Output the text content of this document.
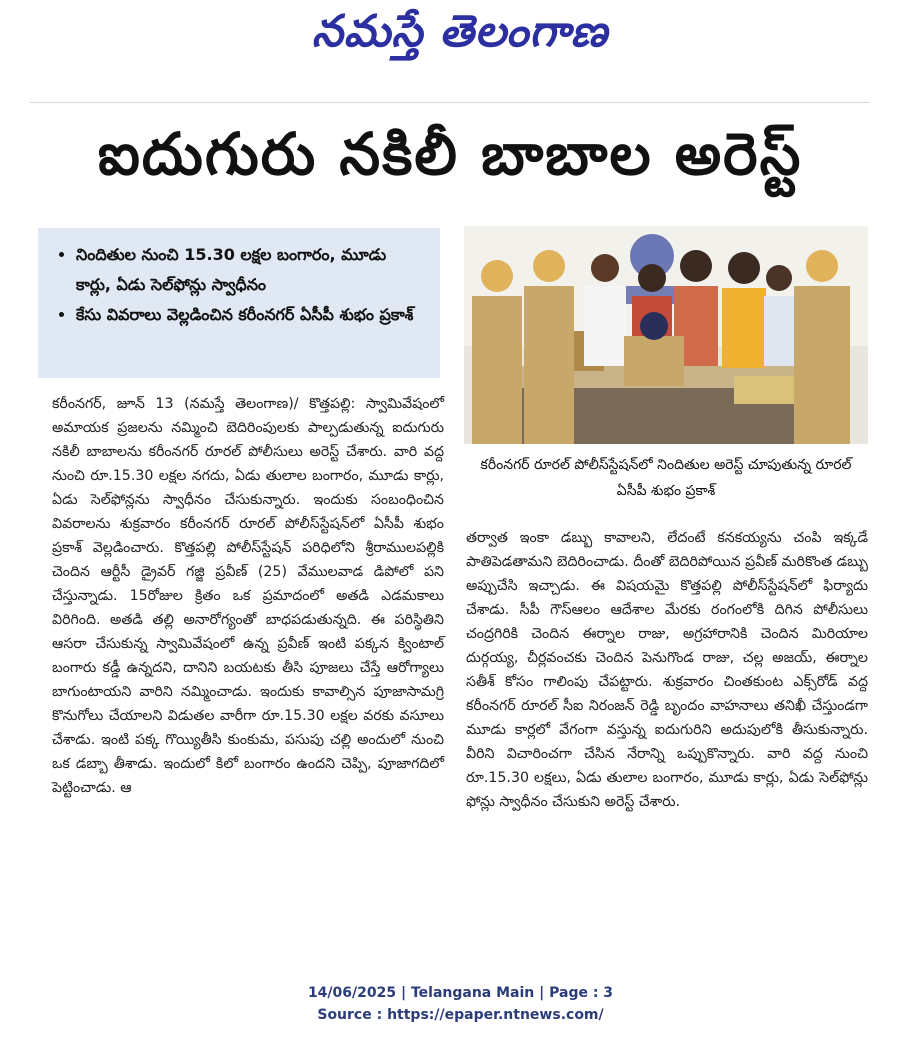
నమస్తే తెలంగాణ
ఐదుగురు నకిలీ బాబాల అరెస్ట్
• నిందితుల నుంచి 15.30 లక్షల బంగారం, మూడు కార్లు, ఏడు సెల్‌ఫోన్లు స్వాధీనం
• కేసు వివరాలు వెల్లడించిన కరీంనగర్ ఏసీపీ శుభం ప్రకాశ్
కరీంనగర్ రూరల్ పోలీస్‌స్టేషన్‌లో నిందితుల అరెస్ట్ చూపుతున్న రూరల్ ఏసీపీ శుభం ప్రకాశ్

కరీంనగర్, జూన్ 13 (నమస్తే తెలంగాణ)/ కొత్తపల్లి: స్వామివేషంలో అమాయక ప్రజలను నమ్మించి బెదిరింపులకు పాల్పడుతున్న ఐదుగురు నకిలీ బాబాలను కరీంనగర్ రూరల్ పోలీసులు అరెస్ట్ చేశారు. వారి వద్ద నుంచి రూ.15.30 లక్షల నగదు, ఏడు తులాల బంగారం, మూడు కార్లు, ఏడు సెల్‌ఫోన్లను స్వాధీనం చేసుకున్నారు. ఇందుకు సంబంధించిన వివరాలను శుక్రవారం కరీంనగర్ రూరల్ పోలీస్‌స్టేషన్‌లో ఏసీపీ శుభం ప్రకాశ్ వెల్లడించారు. కొత్తపల్లి పోలీస్‌స్టేషన్ పరిధిలోని శ్రీరాములపల్లికి చెందిన ఆర్టీసీ డ్రైవర్ గజ్జి ప్రవీణ్ (25) వేములవాడ డిపోలో పని చేస్తున్నాడు. 15రోజుల క్రితం ఒక ప్రమాదంలో అతడి ఎడమకాలు విరిగింది. అతడి తల్లి అనారోగ్యంతో బాధపడుతున్నది. ఈ పరిస్థితిని ఆసరా చేసుకున్న స్వామివేషంలో ఉన్న ప్రవీణ్ ఇంటి పక్కన క్వింటాల్ బంగారు కడ్డీ ఉన్నదని, దానిని బయటకు తీసి పూజలు చేస్తే ఆరోగ్యాలు బాగుంటాయని వారిని నమ్మించాడు. ఇందుకు కావాల్సిన పూజాసామగ్రి కొనుగోలు చేయాలని విడుతల వారీగా రూ.15.30 లక్షల వరకు వసూలు చేశాడు. ఇంటి పక్క గొయ్యితీసి కుంకుమ, పసుపు చల్లి అందులో నుంచి ఒక డబ్బా తీశాడు. ఇందులో కిలో బంగారం ఉందని చెప్పి, పూజాగదిలో పెట్టించాడు. ఆ

తర్వాత ఇంకా డబ్బు కావాలని, లేదంటే కనకయ్యను చంపి ఇక్కడే పాతిపెడతామని బెదిరించాడు. దీంతో బెదిరిపోయిన ప్రవీణ్ మరికొంత డబ్బు అప్పుచేసి ఇచ్చాడు. ఈ విషయమై కొత్తపల్లి పోలీస్‌స్టేషన్‌లో ఫిర్యాదు చేశాడు. సీపీ గౌస్‌ఆలం ఆదేశాల మేరకు రంగంలోకి దిగిన పోలీసులు చంద్రగిరికి చెందిన ఈర్నాల రాజు, అగ్రహారానికి చెందిన మిరియాల దుర్గయ్య, చీర్లవంచకు చెందిన పెనుగొండ రాజు, చల్ల అజయ్, ఈర్నాల సతీశ్ కోసం గాలింపు చేపట్టారు. శుక్రవారం చింతకుంట ఎక్స్‌రోడ్ వద్ద కరీంనగర్ రూరల్ సీఐ నిరంజన్ రెడ్డి బృందం వాహనాలు తనిఖీ చేస్తుండగా మూడు కార్లలో వేగంగా వస్తున్న ఐదుగురిని అదుపులోకి తీసుకున్నారు. వీరిని విచారించగా చేసిన నేరాన్ని ఒప్పుకొన్నారు. వారి వద్ద నుంచి రూ.15.30 లక్షలు, ఏడు తులాల బంగారం, మూడు కార్లు, ఏడు సెల్‌ఫోన్లు ఫోన్లు స్వాధీనం చేసుకుని అరెస్ట్ చేశారు.

14/06/2025 | Telangana Main | Page : 3
Source : https://epaper.ntnews.com/
